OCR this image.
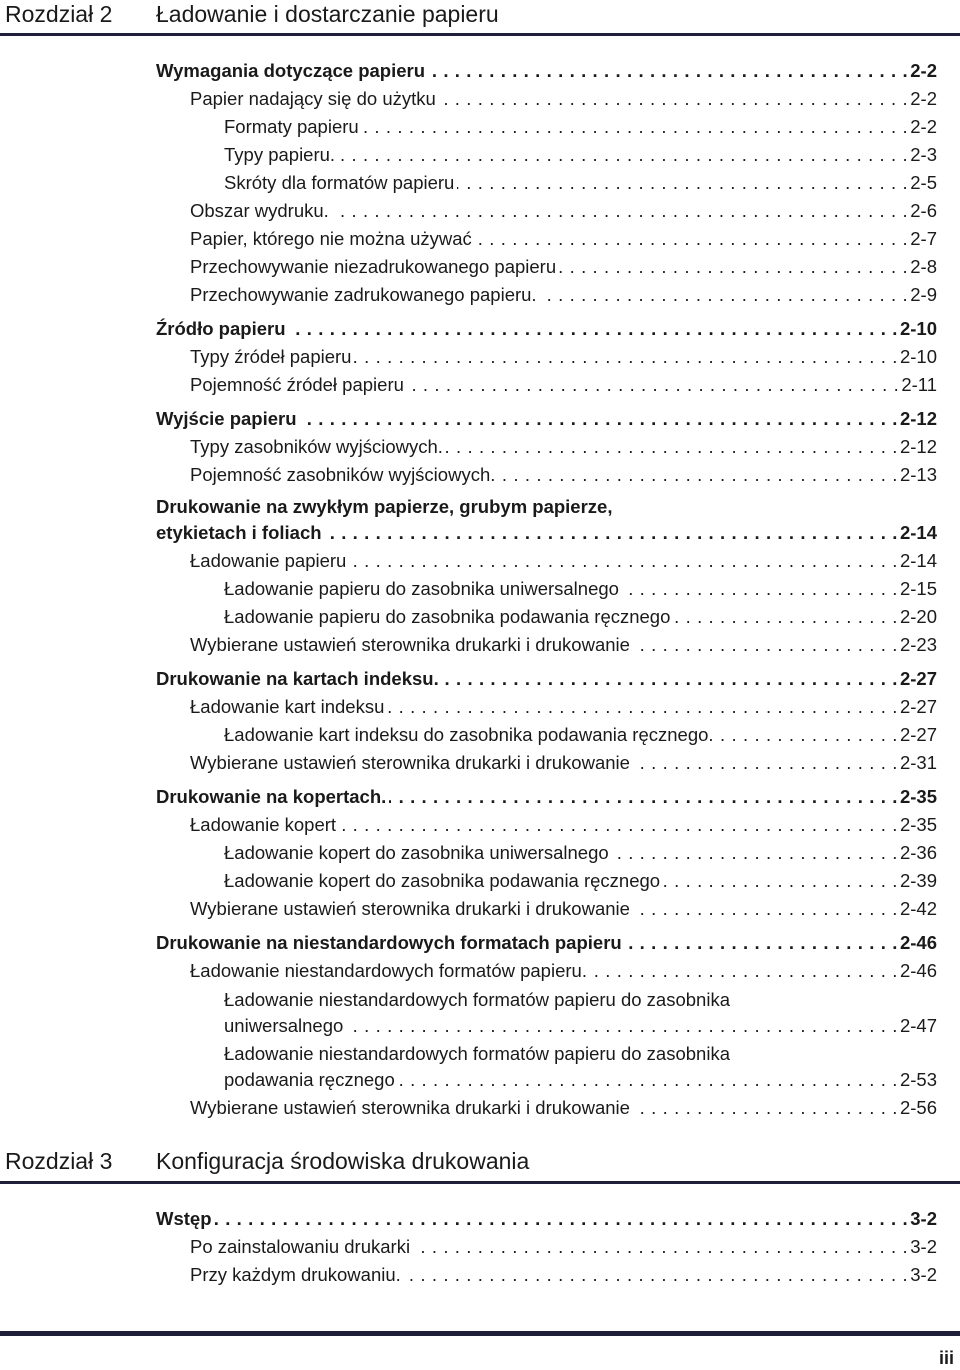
Rozdział 2 Ładowanie i dostarczanie papieru
Rozdział 3 Konfiguracja środowiska drukowania
Wymagania dotyczące papieru . . .	2-2
Papier nadający się do użytku . . .	2-2
Formaty papieru . . .	2-2
Typy papieru. . . .	2-3
Skróty dla formatów papieru . . .	2-5
Obszar wydruku. . . .	2-6
Papier, którego nie można używać . . .	2-7
Przechowywanie niezadrukowanego papieru . . .	2-8
Przechowywanie zadrukowanego papieru. . . .	2-9
Źródło papieru . . .	2-10
Typy źródeł papieru . . .	2-10
Pojemność źródeł papieru . . .	2-11
Wyjście papieru . . .	2-12
Typy zasobników wyjściowych. . . .	2-12
Pojemność zasobników wyjściowych. . . .	2-13
Drukowanie na zwykłym papierze, grubym papierze,
etykietach i foliach . . .	2-14
Ładowanie papieru . . .	2-14
Ładowanie papieru do zasobnika uniwersalnego . . .	2-15
Ładowanie papieru do zasobnika podawania ręcznego . . .	2-20
Wybierane ustawień sterownika drukarki i drukowanie . . .	2-23
Drukowanie na kartach indeksu. . . .	2-27
Ładowanie kart indeksu . . .	2-27
Ładowanie kart indeksu do zasobnika podawania ręcznego. . . .	2-27
Wybierane ustawień sterownika drukarki i drukowanie . . .	2-31
Drukowanie na kopertach. . . .	2-35
Ładowanie kopert . . .	2-35
Ładowanie kopert do zasobnika uniwersalnego . . .	2-36
Ładowanie kopert do zasobnika podawania ręcznego . . .	2-39
Wybierane ustawień sterownika drukarki i drukowanie . . .	2-42
Drukowanie na niestandardowych formatach papieru . . .	2-46
Ładowanie niestandardowych formatów papieru. . . .	2-46
Ładowanie niestandardowych formatów papieru do zasobnika
uniwersalnego . . .	2-47
Ładowanie niestandardowych formatów papieru do zasobnika
podawania ręcznego . . .	2-53
Wybierane ustawień sterownika drukarki i drukowanie . . .	2-56
Wstęp . . .	3-2
Po zainstalowaniu drukarki . . .	3-2
Przy każdym drukowaniu. . . .	3-2
iii
